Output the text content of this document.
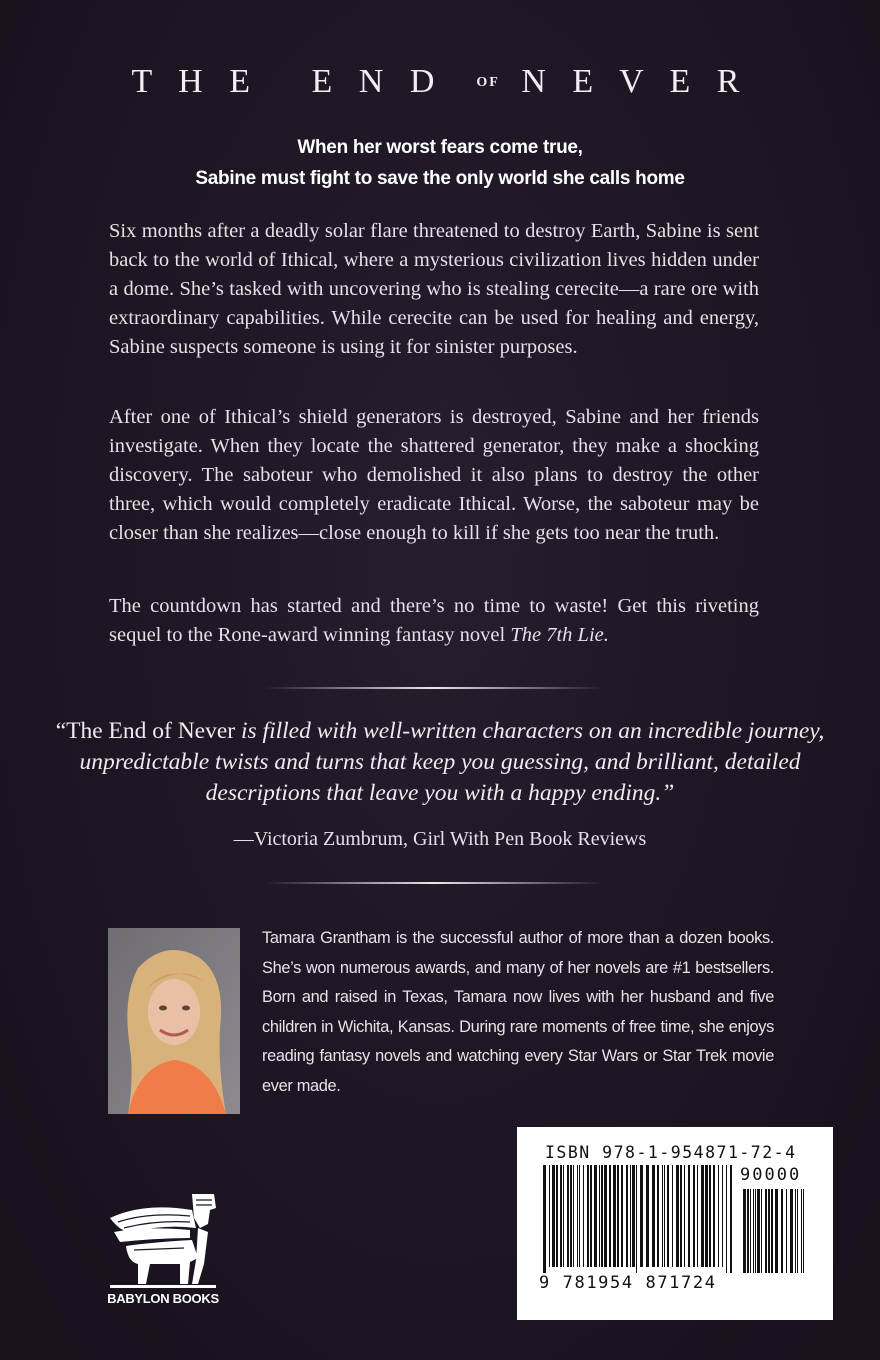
T H E E N D OF N E V E R
When her worst fears come true,
Sabine must fight to save the only world she calls home

Six months after a deadly solar flare threatened to destroy Earth, Sabine is sent back to the world of Ithical, where a mysterious civilization lives hidden under a dome. She’s tasked with uncovering who is stealing cerecite—a rare ore with extraordinary capabilities. While cerecite can be used for healing and energy, Sabine suspects someone is using it for sinister purposes.

After one of Ithical’s shield generators is destroyed, Sabine and her friends investigate. When they locate the shattered generator, they make a shocking discovery. The saboteur who demolished it also plans to destroy the other three, which would completely eradicate Ithical. Worse, the saboteur may be closer than she realizes—close enough to kill if she gets too near the truth.

The countdown has started and there’s no time to waste! Get this riveting sequel to the Rone-award winning fantasy novel The 7th Lie.

“The End of Never is filled with well-written characters on an incredible journey, unpredictable twists and turns that keep you guessing, and brilliant, detailed descriptions that leave you with a happy ending.”

—Victoria Zumbrum, Girl With Pen Book Reviews

Tamara Grantham is the successful author of more than a dozen books. She’s won numerous awards, and many of her novels are #1 bestsellers. Born and raised in Texas, Tamara now lives with her husband and five children in Wichita, Kansas. During rare moments of free time, she enjoys reading fantasy novels and watching every Star Wars or Star Trek movie ever made.

BABYLON BOOKS
ISBN 978-1-954871-72-4
90000
9 781954 871724
